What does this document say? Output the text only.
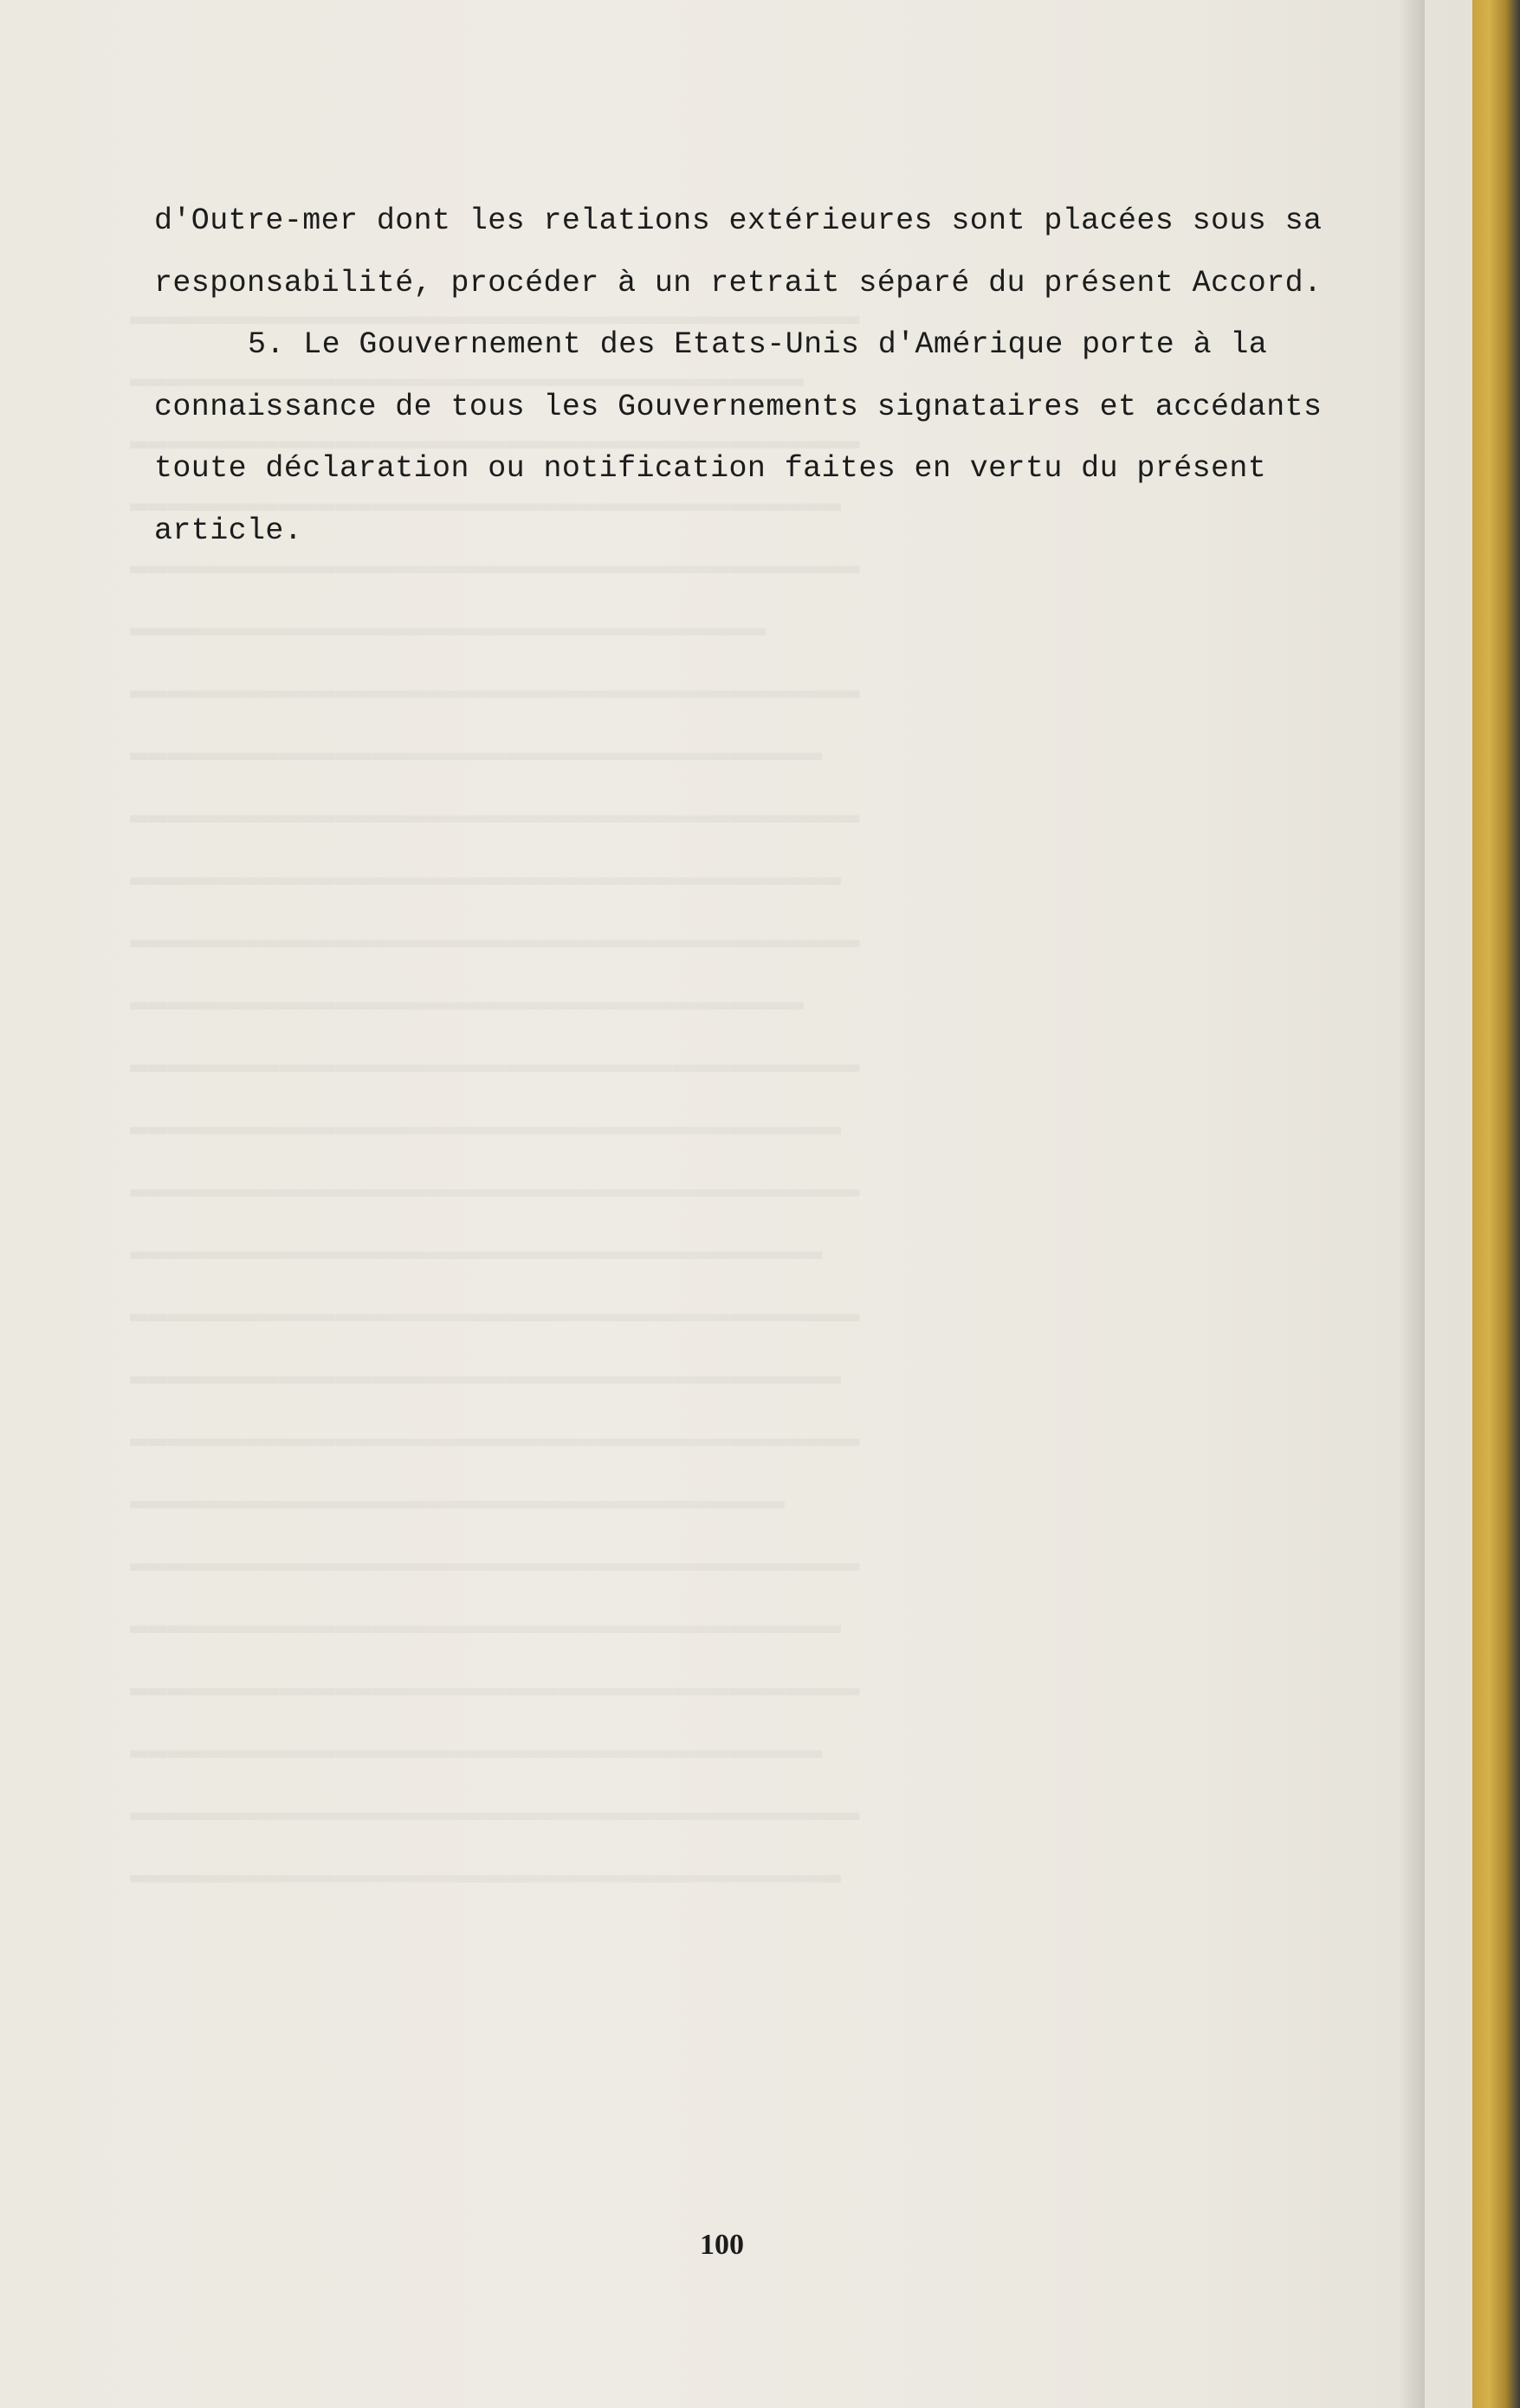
▬▬▬▬▬▬▬▬▬▬▬▬▬▬▬▬▬▬▬▬▬▬▬▬▬▬▬▬▬▬▬▬▬▬▬▬▬▬▬
▬▬▬▬▬▬▬▬▬▬▬▬▬▬▬▬▬▬▬▬▬▬▬▬▬▬▬▬▬▬▬▬▬▬▬▬
▬▬▬▬▬▬▬▬▬▬▬▬▬▬▬▬▬▬▬▬▬▬▬▬▬▬▬▬▬▬▬▬▬▬▬▬▬▬▬
▬▬▬▬▬▬▬▬▬▬▬▬▬▬▬▬▬▬▬▬▬▬▬▬▬▬▬▬▬▬▬▬▬▬▬▬▬▬
▬▬▬▬▬▬▬▬▬▬▬▬▬▬▬▬▬▬▬▬▬▬▬▬▬▬▬▬▬▬▬▬▬▬▬▬▬▬▬
▬▬▬▬▬▬▬▬▬▬▬▬▬▬▬▬▬▬▬▬▬▬▬▬▬▬▬▬▬▬▬▬▬▬
▬▬▬▬▬▬▬▬▬▬▬▬▬▬▬▬▬▬▬▬▬▬▬▬▬▬▬▬▬▬▬▬▬▬▬▬▬▬▬
▬▬▬▬▬▬▬▬▬▬▬▬▬▬▬▬▬▬▬▬▬▬▬▬▬▬▬▬▬▬▬▬▬▬▬▬▬
▬▬▬▬▬▬▬▬▬▬▬▬▬▬▬▬▬▬▬▬▬▬▬▬▬▬▬▬▬▬▬▬▬▬▬▬▬▬▬
▬▬▬▬▬▬▬▬▬▬▬▬▬▬▬▬▬▬▬▬▬▬▬▬▬▬▬▬▬▬▬▬▬▬▬▬▬▬
▬▬▬▬▬▬▬▬▬▬▬▬▬▬▬▬▬▬▬▬▬▬▬▬▬▬▬▬▬▬▬▬▬▬▬▬▬▬▬
▬▬▬▬▬▬▬▬▬▬▬▬▬▬▬▬▬▬▬▬▬▬▬▬▬▬▬▬▬▬▬▬▬▬▬▬
▬▬▬▬▬▬▬▬▬▬▬▬▬▬▬▬▬▬▬▬▬▬▬▬▬▬▬▬▬▬▬▬▬▬▬▬▬▬▬
▬▬▬▬▬▬▬▬▬▬▬▬▬▬▬▬▬▬▬▬▬▬▬▬▬▬▬▬▬▬▬▬▬▬▬▬▬▬
▬▬▬▬▬▬▬▬▬▬▬▬▬▬▬▬▬▬▬▬▬▬▬▬▬▬▬▬▬▬▬▬▬▬▬▬▬▬▬
▬▬▬▬▬▬▬▬▬▬▬▬▬▬▬▬▬▬▬▬▬▬▬▬▬▬▬▬▬▬▬▬▬▬▬▬▬
▬▬▬▬▬▬▬▬▬▬▬▬▬▬▬▬▬▬▬▬▬▬▬▬▬▬▬▬▬▬▬▬▬▬▬▬▬▬▬
▬▬▬▬▬▬▬▬▬▬▬▬▬▬▬▬▬▬▬▬▬▬▬▬▬▬▬▬▬▬▬▬▬▬▬▬▬▬
▬▬▬▬▬▬▬▬▬▬▬▬▬▬▬▬▬▬▬▬▬▬▬▬▬▬▬▬▬▬▬▬▬▬▬▬▬▬▬
▬▬▬▬▬▬▬▬▬▬▬▬▬▬▬▬▬▬▬▬▬▬▬▬▬▬▬▬▬▬▬▬▬▬▬
▬▬▬▬▬▬▬▬▬▬▬▬▬▬▬▬▬▬▬▬▬▬▬▬▬▬▬▬▬▬▬▬▬▬▬▬▬▬▬
▬▬▬▬▬▬▬▬▬▬▬▬▬▬▬▬▬▬▬▬▬▬▬▬▬▬▬▬▬▬▬▬▬▬▬▬▬▬
▬▬▬▬▬▬▬▬▬▬▬▬▬▬▬▬▬▬▬▬▬▬▬▬▬▬▬▬▬▬▬▬▬▬▬▬▬▬▬
▬▬▬▬▬▬▬▬▬▬▬▬▬▬▬▬▬▬▬▬▬▬▬▬▬▬▬▬▬▬▬▬▬▬▬▬▬
▬▬▬▬▬▬▬▬▬▬▬▬▬▬▬▬▬▬▬▬▬▬▬▬▬▬▬▬▬▬▬▬▬▬▬▬▬▬▬
▬▬▬▬▬▬▬▬▬▬▬▬▬▬▬▬▬▬▬▬▬▬▬▬▬▬▬▬▬▬▬▬▬▬▬▬▬▬

d'Outre-mer dont les relations extérieures sont placées sous sa

responsabilité, procéder à un retrait séparé du présent Accord.

5. Le Gouvernement des Etats-Unis d'Amérique porte à la

connaissance de tous les Gouvernements signataires et accédants

toute déclaration ou notification faites en vertu du présent

article.

100
